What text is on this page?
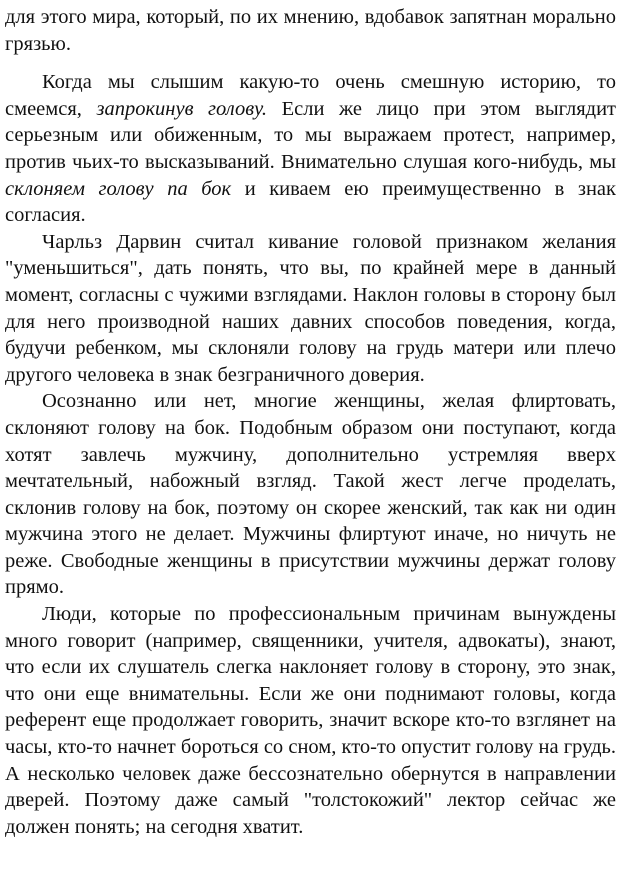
для этого мира, который, по их мнению, вдобавок запятнан морально грязью.

Когда мы слышим какую-то очень смешную историю, то смеемся, запрокинув голову. Если же лицо при этом выглядит серьезным или обиженным, то мы выражаем протест, например, против чьих-то высказываний. Внимательно слушая кого-нибудь, мы склоняем голову па бок и киваем ею преимущественно в знак согласия.

Чарльз Дарвин считал кивание головой признаком желания "уменьшиться", дать понять, что вы, по крайней мере в данный момент, согласны с чужими взглядами. Наклон головы в сторону был для него производной наших давних способов поведения, когда, будучи ребенком, мы склоняли голову на грудь матери или плечо другого человека в знак безграничного доверия.

Осознанно или нет, многие женщины, желая флиртовать, склоняют голову на бок. Подобным образом они поступают, когда хотят завлечь мужчину, дополнительно устремляя вверх мечтательный, набожный взгляд. Такой жест легче проделать, склонив голову на бок, поэтому он скорее женский, так как ни один мужчина этого не делает. Мужчины флиртуют иначе, но ничуть не реже. Свободные женщины в присутствии мужчины держат голову прямо.

Люди, которые по профессиональным причинам вынуждены много говорит (например, священники, учителя, адвокаты), знают, что если их слушатель слегка наклоняет голову в сторону, это знак, что они еще внимательны. Если же они поднимают головы, когда референт еще продолжает говорить, значит вскоре кто-то взглянет на часы, кто-то начнет бороться со сном, кто-то опустит голову на грудь. А несколько человек даже бессознательно обернутся в направлении дверей. Поэтому даже самый "толстокожий" лектор сейчас же должен понять; на сегодня хватит.
